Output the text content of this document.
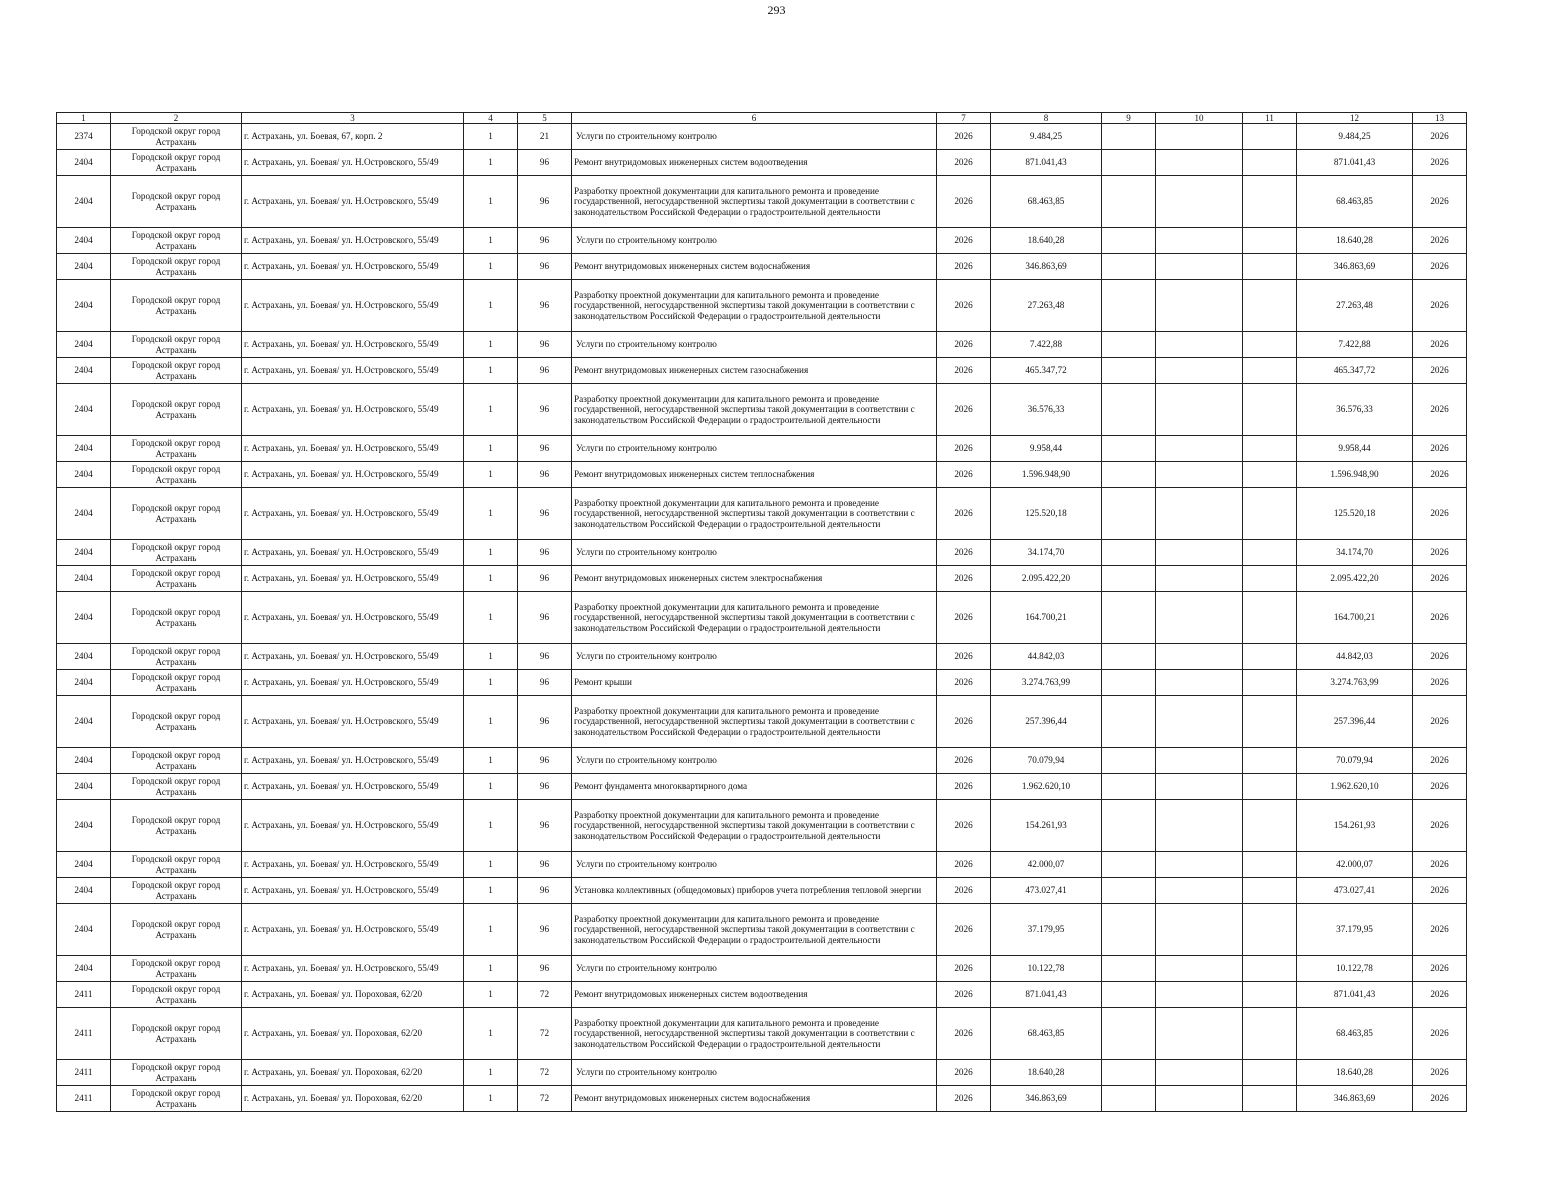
293
1	2	3	4	5	6	7	8	9	10	11	12	13
2374	Городской округ город Астрахань	г. Астрахань, ул. Боевая, 67, корп. 2	1	21	Услуги по строительному контролю	2026	9.484,25				9.484,25	2026
2404	Городской округ город Астрахань	г. Астрахань, ул. Боевая/ ул. Н.Островского, 55/49	1	96	Ремонт внутридомовых инженерных систем водоотведения	2026	871.041,43				871.041,43	2026
2404	Городской округ город Астрахань	г. Астрахань, ул. Боевая/ ул. Н.Островского, 55/49	1	96	Разработку проектной документации для капитального ремонта и проведение государственной, негосударственной экспертизы такой документации в соответствии с законодательством Российской Федерации о градостроительной деятельности	2026	68.463,85				68.463,85	2026
2404	Городской округ город Астрахань	г. Астрахань, ул. Боевая/ ул. Н.Островского, 55/49	1	96	Услуги по строительному контролю	2026	18.640,28				18.640,28	2026
2404	Городской округ город Астрахань	г. Астрахань, ул. Боевая/ ул. Н.Островского, 55/49	1	96	Ремонт внутридомовых инженерных систем водоснабжения	2026	346.863,69				346.863,69	2026
2404	Городской округ город Астрахань	г. Астрахань, ул. Боевая/ ул. Н.Островского, 55/49	1	96	Разработку проектной документации для капитального ремонта и проведение государственной, негосударственной экспертизы такой документации в соответствии с законодательством Российской Федерации о градостроительной деятельности	2026	27.263,48				27.263,48	2026
2404	Городской округ город Астрахань	г. Астрахань, ул. Боевая/ ул. Н.Островского, 55/49	1	96	Услуги по строительному контролю	2026	7.422,88				7.422,88	2026
2404	Городской округ город Астрахань	г. Астрахань, ул. Боевая/ ул. Н.Островского, 55/49	1	96	Ремонт внутридомовых инженерных систем газоснабжения	2026	465.347,72				465.347,72	2026
2404	Городской округ город Астрахань	г. Астрахань, ул. Боевая/ ул. Н.Островского, 55/49	1	96	Разработку проектной документации для капитального ремонта и проведение государственной, негосударственной экспертизы такой документации в соответствии с законодательством Российской Федерации о градостроительной деятельности	2026	36.576,33				36.576,33	2026
2404	Городской округ город Астрахань	г. Астрахань, ул. Боевая/ ул. Н.Островского, 55/49	1	96	Услуги по строительному контролю	2026	9.958,44				9.958,44	2026
2404	Городской округ город Астрахань	г. Астрахань, ул. Боевая/ ул. Н.Островского, 55/49	1	96	Ремонт внутридомовых инженерных систем теплоснабжения	2026	1.596.948,90				1.596.948,90	2026
2404	Городской округ город Астрахань	г. Астрахань, ул. Боевая/ ул. Н.Островского, 55/49	1	96	Разработку проектной документации для капитального ремонта и проведение государственной, негосударственной экспертизы такой документации в соответствии с законодательством Российской Федерации о градостроительной деятельности	2026	125.520,18				125.520,18	2026
2404	Городской округ город Астрахань	г. Астрахань, ул. Боевая/ ул. Н.Островского, 55/49	1	96	Услуги по строительному контролю	2026	34.174,70				34.174,70	2026
2404	Городской округ город Астрахань	г. Астрахань, ул. Боевая/ ул. Н.Островского, 55/49	1	96	Ремонт внутридомовых инженерных систем электроснабжения	2026	2.095.422,20				2.095.422,20	2026
2404	Городской округ город Астрахань	г. Астрахань, ул. Боевая/ ул. Н.Островского, 55/49	1	96	Разработку проектной документации для капитального ремонта и проведение государственной, негосударственной экспертизы такой документации в соответствии с законодательством Российской Федерации о градостроительной деятельности	2026	164.700,21				164.700,21	2026
2404	Городской округ город Астрахань	г. Астрахань, ул. Боевая/ ул. Н.Островского, 55/49	1	96	Услуги по строительному контролю	2026	44.842,03				44.842,03	2026
2404	Городской округ город Астрахань	г. Астрахань, ул. Боевая/ ул. Н.Островского, 55/49	1	96	Ремонт крыши	2026	3.274.763,99				3.274.763,99	2026
2404	Городской округ город Астрахань	г. Астрахань, ул. Боевая/ ул. Н.Островского, 55/49	1	96	Разработку проектной документации для капитального ремонта и проведение государственной, негосударственной экспертизы такой документации в соответствии с законодательством Российской Федерации о градостроительной деятельности	2026	257.396,44				257.396,44	2026
2404	Городской округ город Астрахань	г. Астрахань, ул. Боевая/ ул. Н.Островского, 55/49	1	96	Услуги по строительному контролю	2026	70.079,94				70.079,94	2026
2404	Городской округ город Астрахань	г. Астрахань, ул. Боевая/ ул. Н.Островского, 55/49	1	96	Ремонт фундамента многоквартирного дома	2026	1.962.620,10				1.962.620,10	2026
2404	Городской округ город Астрахань	г. Астрахань, ул. Боевая/ ул. Н.Островского, 55/49	1	96	Разработку проектной документации для капитального ремонта и проведение государственной, негосударственной экспертизы такой документации в соответствии с законодательством Российской Федерации о градостроительной деятельности	2026	154.261,93				154.261,93	2026
2404	Городской округ город Астрахань	г. Астрахань, ул. Боевая/ ул. Н.Островского, 55/49	1	96	Услуги по строительному контролю	2026	42.000,07				42.000,07	2026
2404	Городской округ город Астрахань	г. Астрахань, ул. Боевая/ ул. Н.Островского, 55/49	1	96	Установка коллективных (общедомовых) приборов учета потребления тепловой энергии	2026	473.027,41				473.027,41	2026
2404	Городской округ город Астрахань	г. Астрахань, ул. Боевая/ ул. Н.Островского, 55/49	1	96	Разработку проектной документации для капитального ремонта и проведение государственной, негосударственной экспертизы такой документации в соответствии с законодательством Российской Федерации о градостроительной деятельности	2026	37.179,95				37.179,95	2026
2404	Городской округ город Астрахань	г. Астрахань, ул. Боевая/ ул. Н.Островского, 55/49	1	96	Услуги по строительному контролю	2026	10.122,78				10.122,78	2026
2411	Городской округ город Астрахань	г. Астрахань, ул. Боевая/ ул. Пороховая, 62/20	1	72	Ремонт внутридомовых инженерных систем водоотведения	2026	871.041,43				871.041,43	2026
2411	Городской округ город Астрахань	г. Астрахань, ул. Боевая/ ул. Пороховая, 62/20	1	72	Разработку проектной документации для капитального ремонта и проведение государственной, негосударственной экспертизы такой документации в соответствии с законодательством Российской Федерации о градостроительной деятельности	2026	68.463,85				68.463,85	2026
2411	Городской округ город Астрахань	г. Астрахань, ул. Боевая/ ул. Пороховая, 62/20	1	72	Услуги по строительному контролю	2026	18.640,28				18.640,28	2026
2411	Городской округ город Астрахань	г. Астрахань, ул. Боевая/ ул. Пороховая, 62/20	1	72	Ремонт внутридомовых инженерных систем водоснабжения	2026	346.863,69				346.863,69	2026
